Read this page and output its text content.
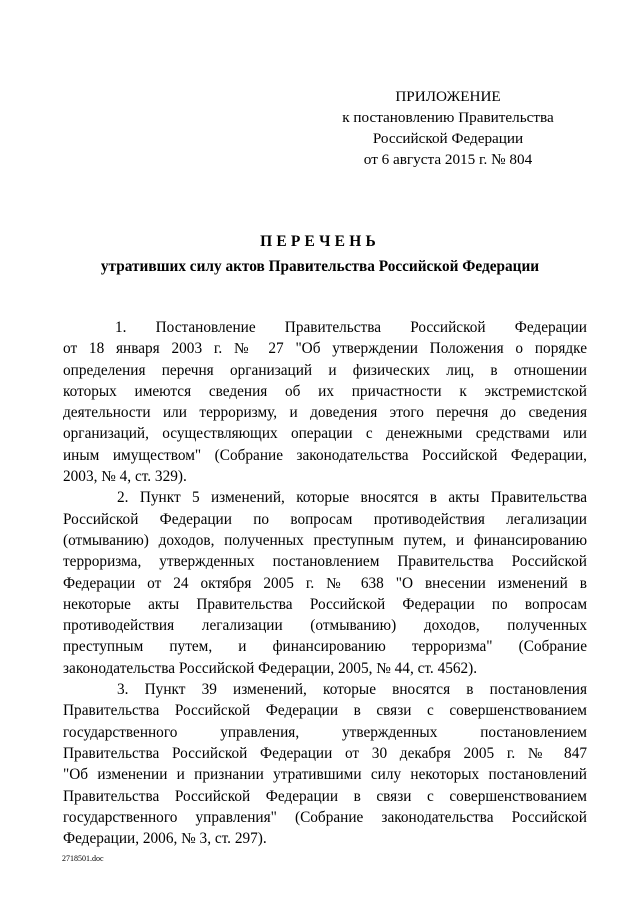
ПРИЛОЖЕНИЕ
к постановлению Правительства
Российской Федерации
от 6 августа 2015 г. № 804
ПЕРЕЧЕНЬ
утративших силу актов Правительства Российской Федерации
1. Постановление Правительства Российской Федерации
от 18 января 2003 г. № 27 "Об утверждении Положения о порядке
определения перечня организаций и физических лиц, в отношении
которых имеются сведения об их причастности к экстремистской
деятельности или терроризму, и доведения этого перечня до сведения
организаций, осуществляющих операции с денежными средствами или
иным имуществом" (Собрание законодательства Российской Федерации,
2003, № 4, ст. 329).
2. Пункт 5 изменений, которые вносятся в акты Правительства
Российской Федерации по вопросам противодействия легализации
(отмыванию) доходов, полученных преступным путем, и финансированию
терроризма, утвержденных постановлением Правительства Российской
Федерации от 24 октября 2005 г. № 638 "О внесении изменений в
некоторые акты Правительства Российской Федерации по вопросам
противодействия легализации (отмыванию) доходов, полученных
преступным путем, и финансированию терроризма" (Собрание
законодательства Российской Федерации, 2005, № 44, ст. 4562).
3. Пункт 39 изменений, которые вносятся в постановления
Правительства Российской Федерации в связи с совершенствованием
государственного управления, утвержденных постановлением
Правительства Российской Федерации от 30 декабря 2005 г. № 847
"Об изменении и признании утратившими силу некоторых постановлений
Правительства Российской Федерации в связи с совершенствованием
государственного управления" (Собрание законодательства Российской
Федерации, 2006, № 3, ст. 297).
2718501.doc
